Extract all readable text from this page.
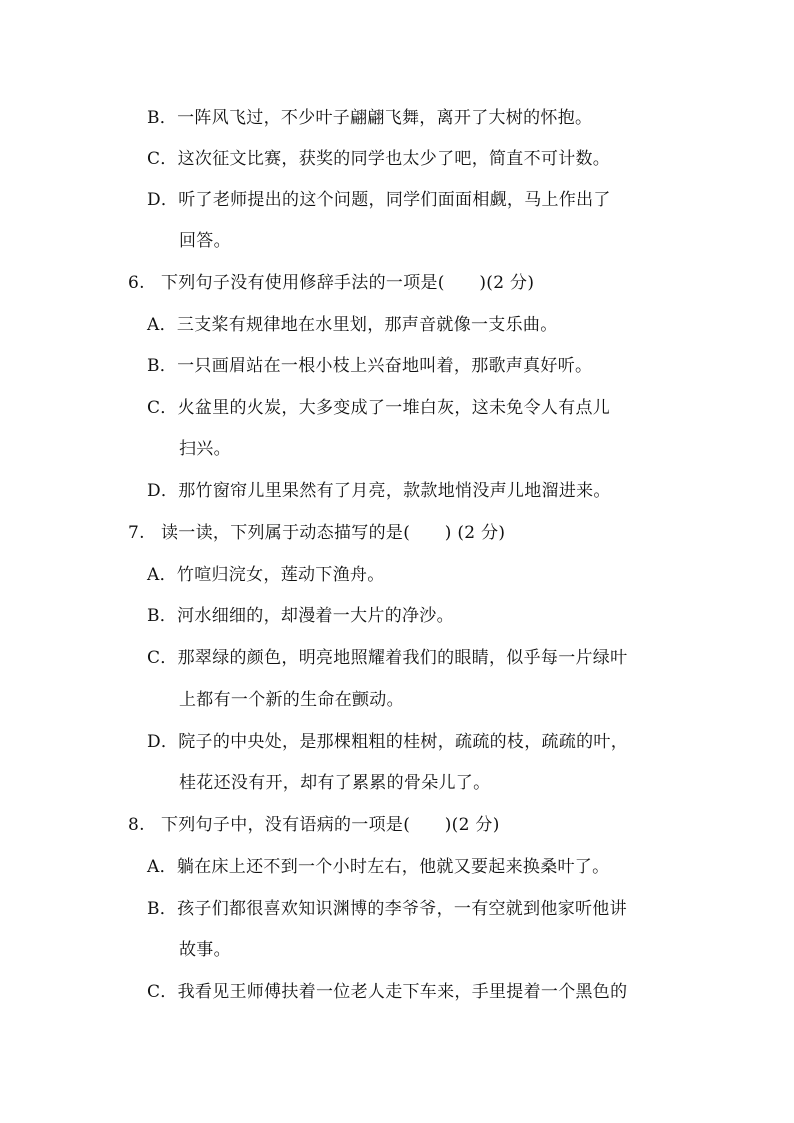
B．一阵风飞过，不少叶子翩翩飞舞，离开了大树的怀抱。
C．这次征文比赛，获奖的同学也太少了吧，简直不可计数。
D．听了老师提出的这个问题，同学们面面相觑，马上作出了
回答。
6. 下列句子没有使用修辞手法的一项是(　　)(2 分)
A．三支桨有规律地在水里划，那声音就像一支乐曲。
B．一只画眉站在一根小枝上兴奋地叫着，那歌声真好听。
C．火盆里的火炭，大多变成了一堆白灰，这未免令人有点儿
扫兴。
D．那竹窗帘儿里果然有了月亮，款款地悄没声儿地溜进来。
7. 读一读，下列属于动态描写的是(　　) (2 分)
A．竹喧归浣女，莲动下渔舟。
B．河水细细的，却漫着一大片的净沙。
C．那翠绿的颜色，明亮地照耀着我们的眼睛，似乎每一片绿叶
上都有一个新的生命在颤动。
D．院子的中央处，是那棵粗粗的桂树，疏疏的枝，疏疏的叶，
桂花还没有开，却有了累累的骨朵儿了。
8. 下列句子中，没有语病的一项是(　　)(2 分)
A．躺在床上还不到一个小时左右，他就又要起来换桑叶了。
B．孩子们都很喜欢知识渊博的李爷爷，一有空就到他家听他讲
故事。
C．我看见王师傅扶着一位老人走下车来，手里提着一个黑色的
